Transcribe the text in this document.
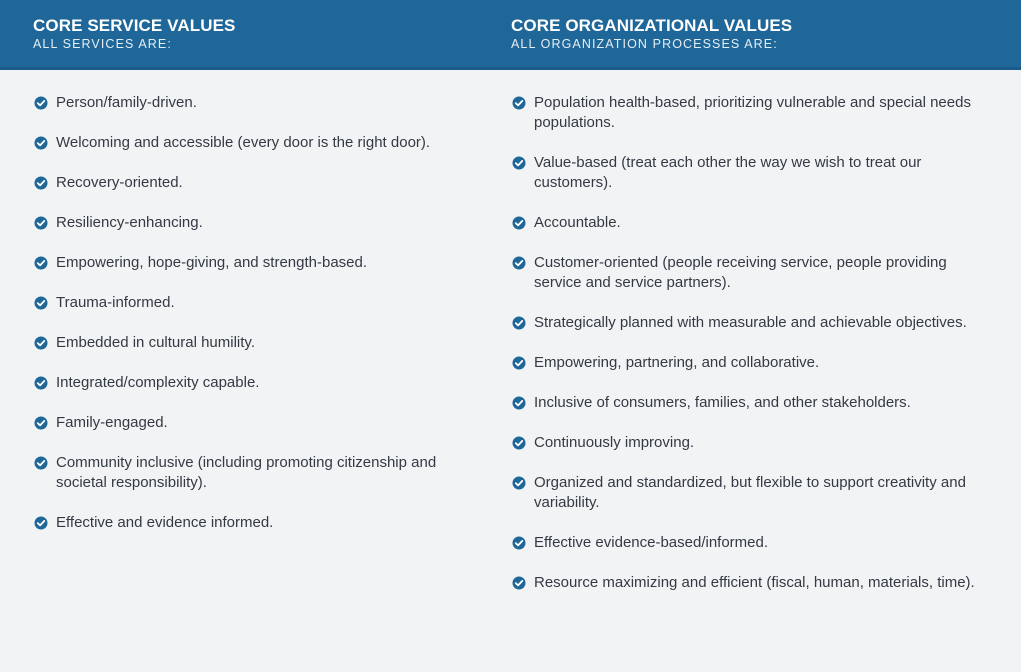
CORE SERVICE VALUES
ALL SERVICES ARE:
CORE ORGANIZATIONAL VALUES
ALL ORGANIZATION PROCESSES ARE:
Person/family-driven.
Welcoming and accessible (every door is the right door).
Recovery-oriented.
Resiliency-enhancing.
Empowering, hope-giving, and strength-based.
Trauma-informed.
Embedded in cultural humility.
Integrated/complexity capable.
Family-engaged.
Community inclusive (including promoting citizenship and societal responsibility).
Effective and evidence informed.
Population health-based, prioritizing vulnerable and special needs populations.
Value-based (treat each other the way we wish to treat our customers).
Accountable.
Customer-oriented (people receiving service, people providing service and service partners).
Strategically planned with measurable and achievable objectives.
Empowering, partnering, and collaborative.
Inclusive of consumers, families, and other stakeholders.
Continuously improving.
Organized and standardized, but flexible to support creativity and variability.
Effective evidence-based/informed.
Resource maximizing and efficient (fiscal, human, materials, time).
